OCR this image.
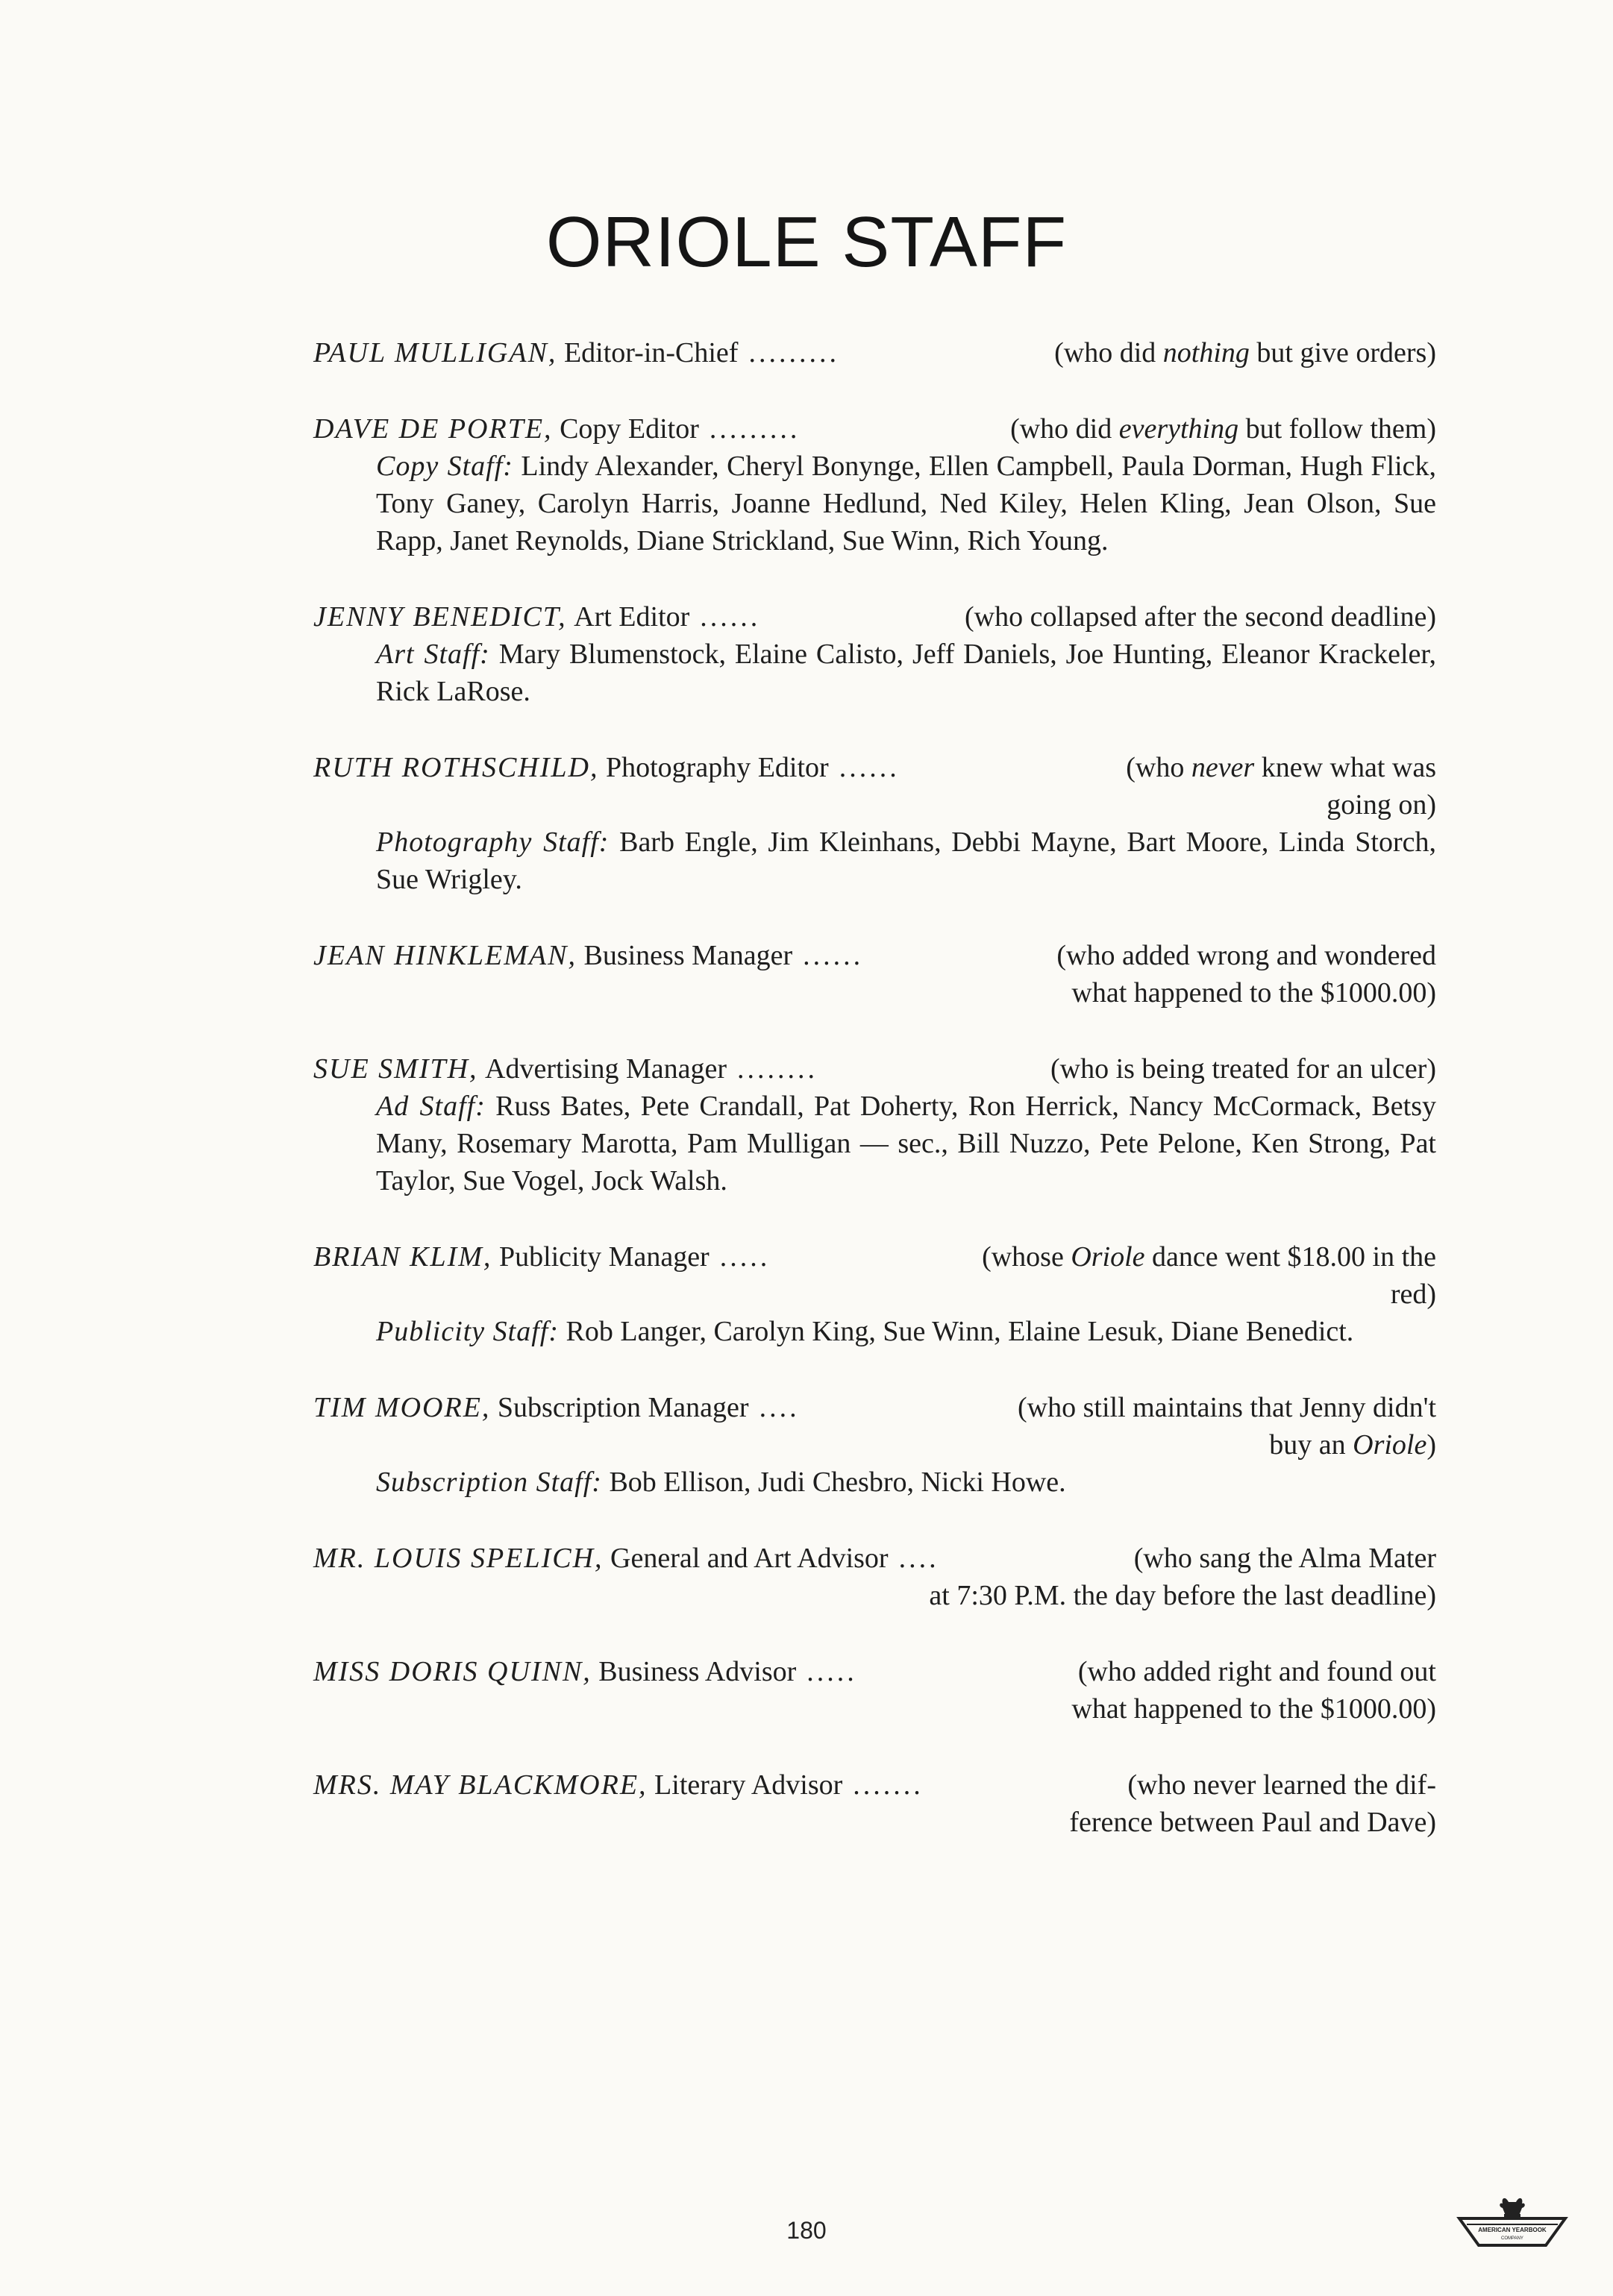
ORIOLE STAFF
PAUL MULLIGAN,
Editor-in-Chief .........	(who did nothing but give orders)
DAVE DE PORTE,
Copy Editor .........	(who did everything but follow them)
Copy Staff: Lindy Alexander, Cheryl Bonynge, Ellen Campbell, Paula Dorman, Hugh Flick, Tony Ganey, Carolyn Harris, Joanne Hedlund, Ned Kiley, Helen Kling, Jean Olson, Sue Rapp, Janet Reynolds, Diane Strickland, Sue Winn, Rich Young.
JENNY BENEDICT,
Art Editor ......	(who collapsed after the second deadline)
Art Staff: Mary Blumenstock, Elaine Calisto, Jeff Daniels, Joe Hunting, Eleanor Krackeler, Rick LaRose.
RUTH ROTHSCHILD,
Photography Editor ......	(who never knew what was
going on)
Photography Staff: Barb Engle, Jim Kleinhans, Debbi Mayne, Bart Moore, Linda Storch, Sue Wrigley.
JEAN HINKLEMAN,
Business Manager ......	(who added wrong and wondered
what happened to the $1000.00)
SUE SMITH,
Advertising Manager ........	(who is being treated for an ulcer)
Ad Staff: Russ Bates, Pete Crandall, Pat Doherty, Ron Herrick, Nancy McCormack, Betsy Many, Rosemary Marotta, Pam Mulligan — sec., Bill Nuzzo, Pete Pelone, Ken Strong, Pat Taylor, Sue Vogel, Jock Walsh.
BRIAN KLIM,
Publicity Manager .....	(whose Oriole dance went $18.00 in the
red)
Publicity Staff: Rob Langer, Carolyn King, Sue Winn, Elaine Lesuk, Diane Benedict.
TIM MOORE,
Subscription Manager ....	(who still maintains that Jenny didn't
buy an Oriole)
Subscription Staff: Bob Ellison, Judi Chesbro, Nicki Howe.
MR. LOUIS SPELICH,
General and Art Advisor ....	(who sang the Alma Mater
at 7:30 P.M. the day before the last deadline)
MISS DORIS QUINN,
Business Advisor .....	(who added right and found out
what happened to the $1000.00)
MRS. MAY BLACKMORE,
Literary Advisor .......	(who never learned the dif-
ference between Paul and Dave)
180	AMERICAN YEARBOOK
COMPANY
